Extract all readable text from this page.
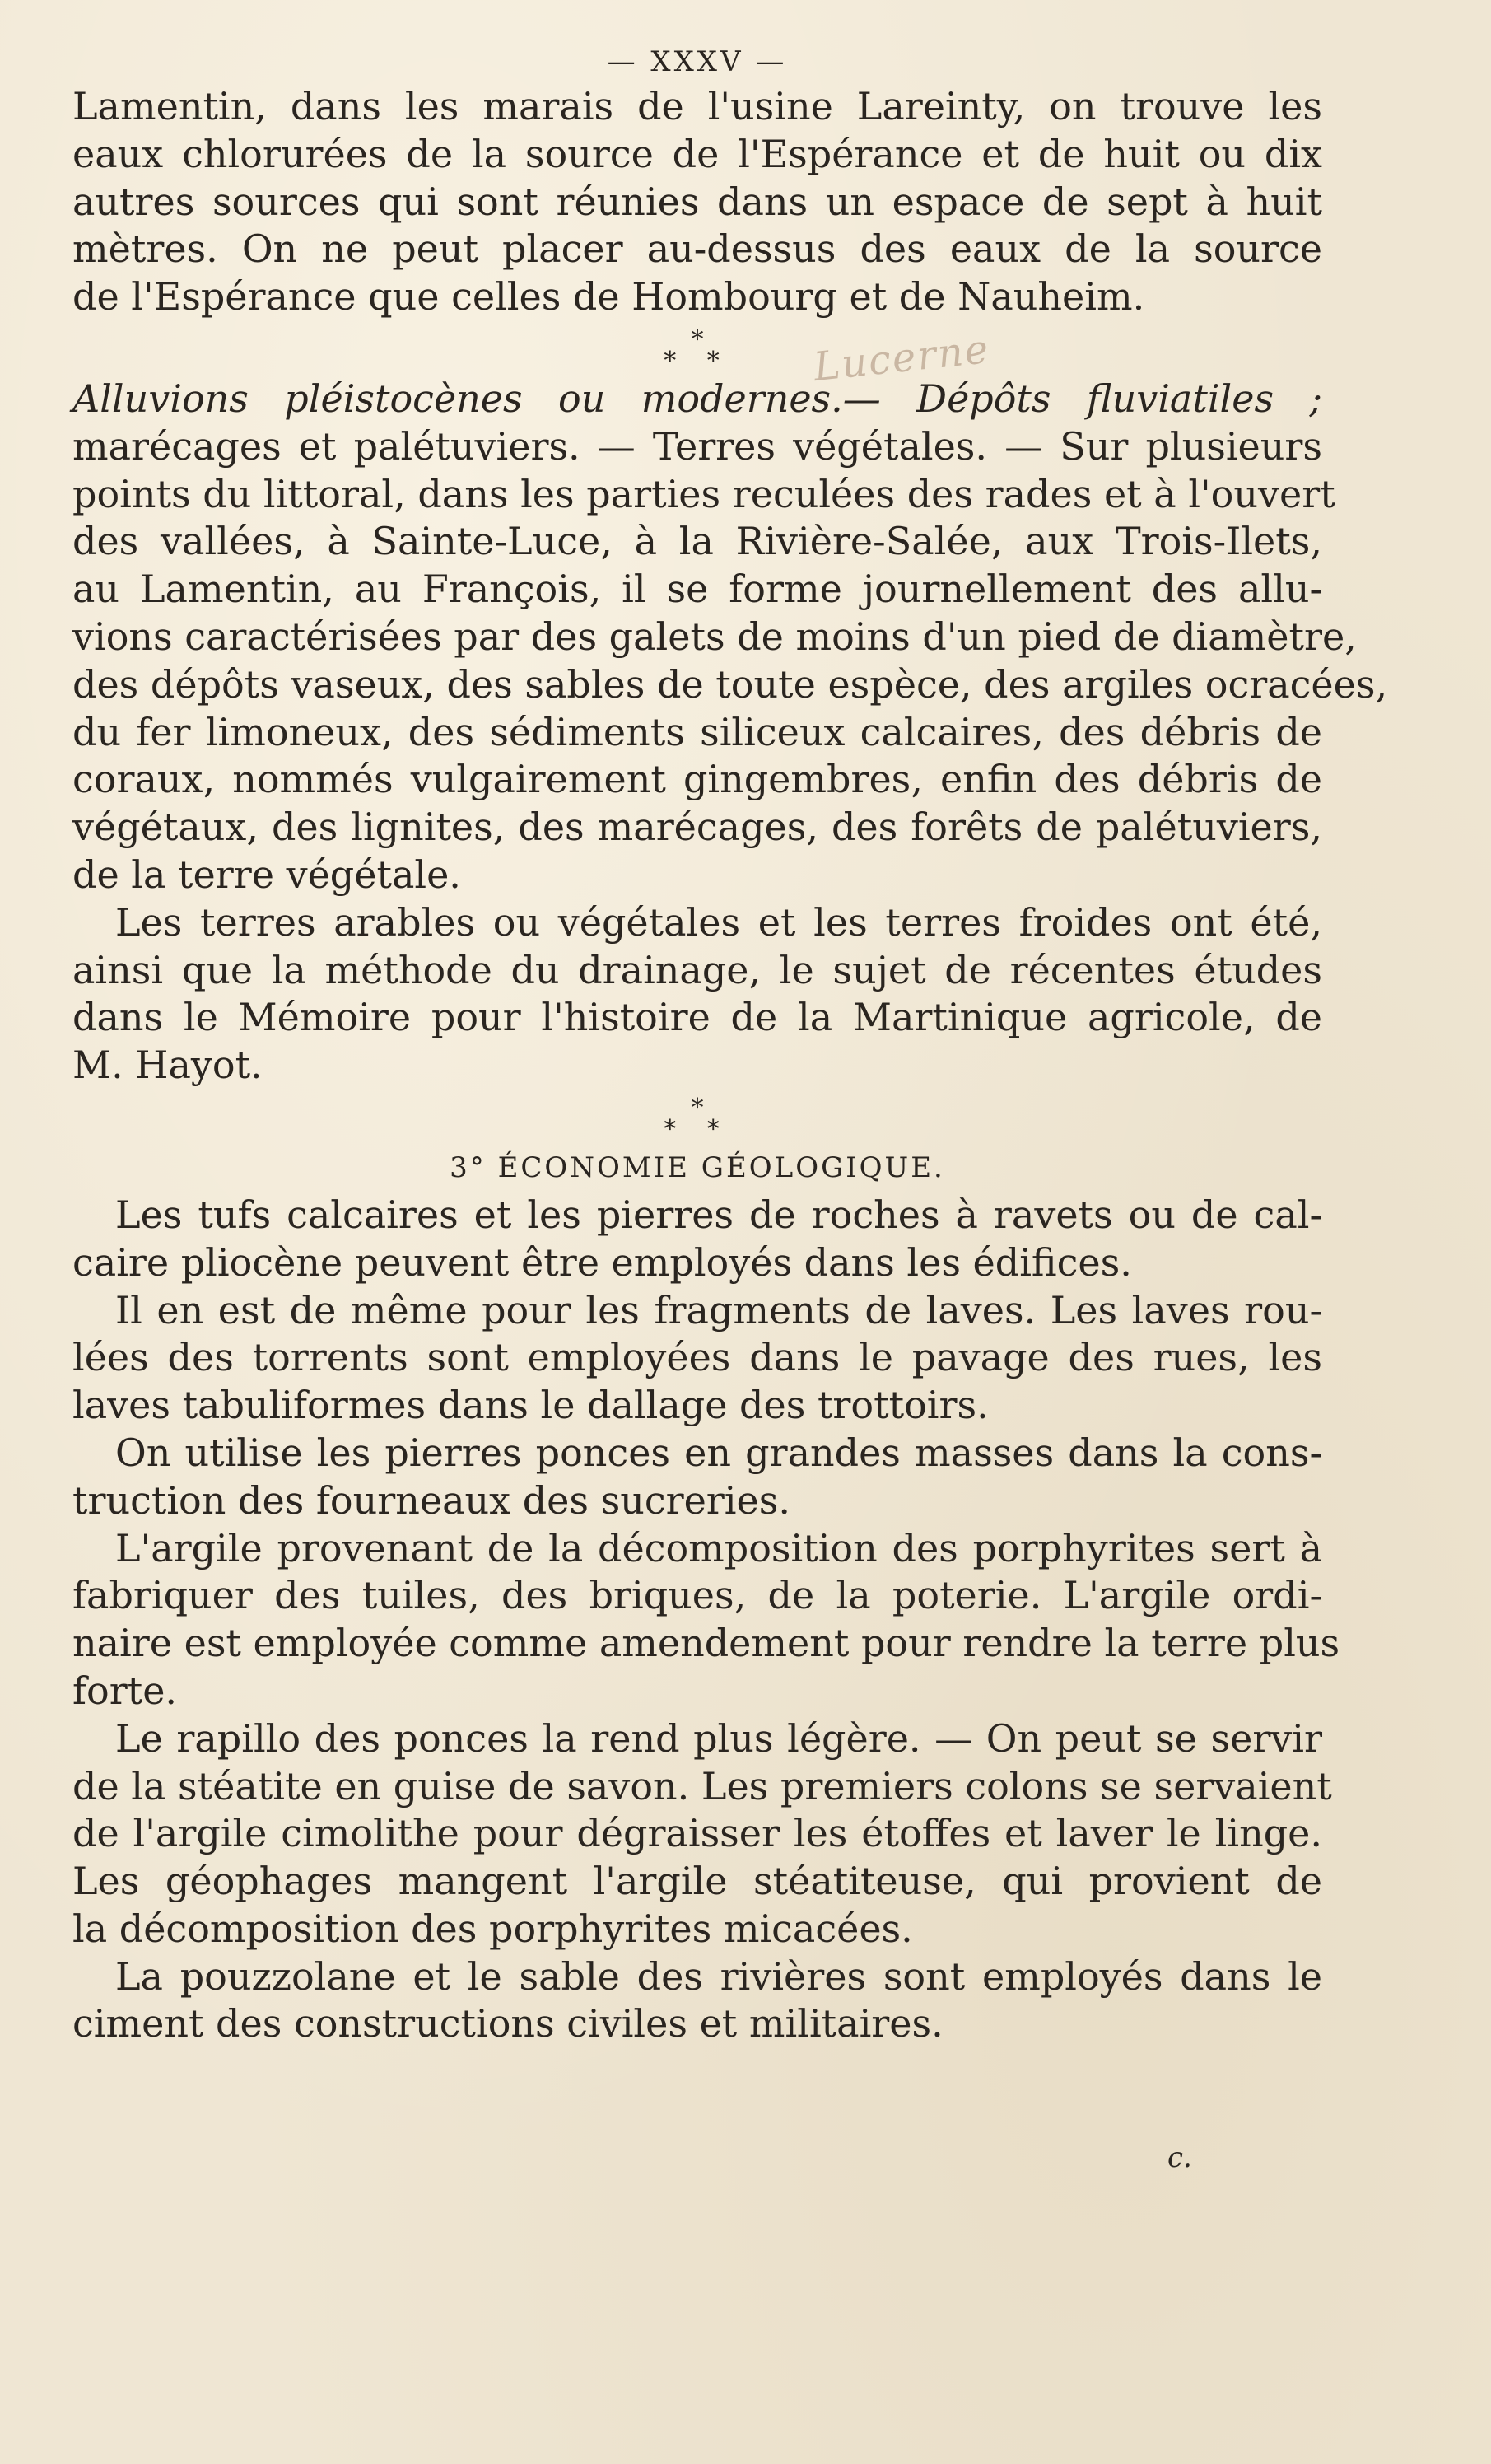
— XXXV —
Lamentin, dans les marais de l'usine Lareinty, on trouve les
eaux chlorurées de la source de l'Espérance et de huit ou dix
autres sources qui sont réunies dans un espace de sept à huit
mètres. On ne peut placer au-dessus des eaux de la source
de l'Espérance que celles de Hombourg et de Nauheim.
*
* *	Lucerne
Alluvions pléistocènes ou modernes.— Dépôts fluviatiles ;
marécages et palétuviers. — Terres végétales. — Sur plusieurs
points du littoral, dans les parties reculées des rades et à l'ouvert
des vallées, à Sainte-Luce, à la Rivière-Salée, aux Trois-Ilets,
au Lamentin, au François, il se forme journellement des allu-
vions caractérisées par des galets de moins d'un pied de diamètre,
des dépôts vaseux, des sables de toute espèce, des argiles ocracées,
du fer limoneux, des sédiments siliceux calcaires, des débris de
coraux, nommés vulgairement gingembres, enfin des débris de
végétaux, des lignites, des marécages, des forêts de palétuviers,
de la terre végétale.
Les terres arables ou végétales et les terres froides ont été,
ainsi que la méthode du drainage, le sujet de récentes études
dans le Mémoire pour l'histoire de la Martinique agricole, de
M. Hayot.
*
* *
3° ÉCONOMIE GÉOLOGIQUE.
Les tufs calcaires et les pierres de roches à ravets ou de cal-
caire pliocène peuvent être employés dans les édifices.
Il en est de même pour les fragments de laves. Les laves rou-
lées des torrents sont employées dans le pavage des rues, les
laves tabuliformes dans le dallage des trottoirs.
On utilise les pierres ponces en grandes masses dans la cons-
truction des fourneaux des sucreries.
L'argile provenant de la décomposition des porphyrites sert à
fabriquer des tuiles, des briques, de la poterie. L'argile ordi-
naire est employée comme amendement pour rendre la terre plus
forte.
Le rapillo des ponces la rend plus légère. — On peut se servir
de la stéatite en guise de savon. Les premiers colons se servaient
de l'argile cimolithe pour dégraisser les étoffes et laver le linge.
Les géophages mangent l'argile stéatiteuse, qui provient de
la décomposition des porphyrites micacées.
La pouzzolane et le sable des rivières sont employés dans le
ciment des constructions civiles et militaires.
c.
